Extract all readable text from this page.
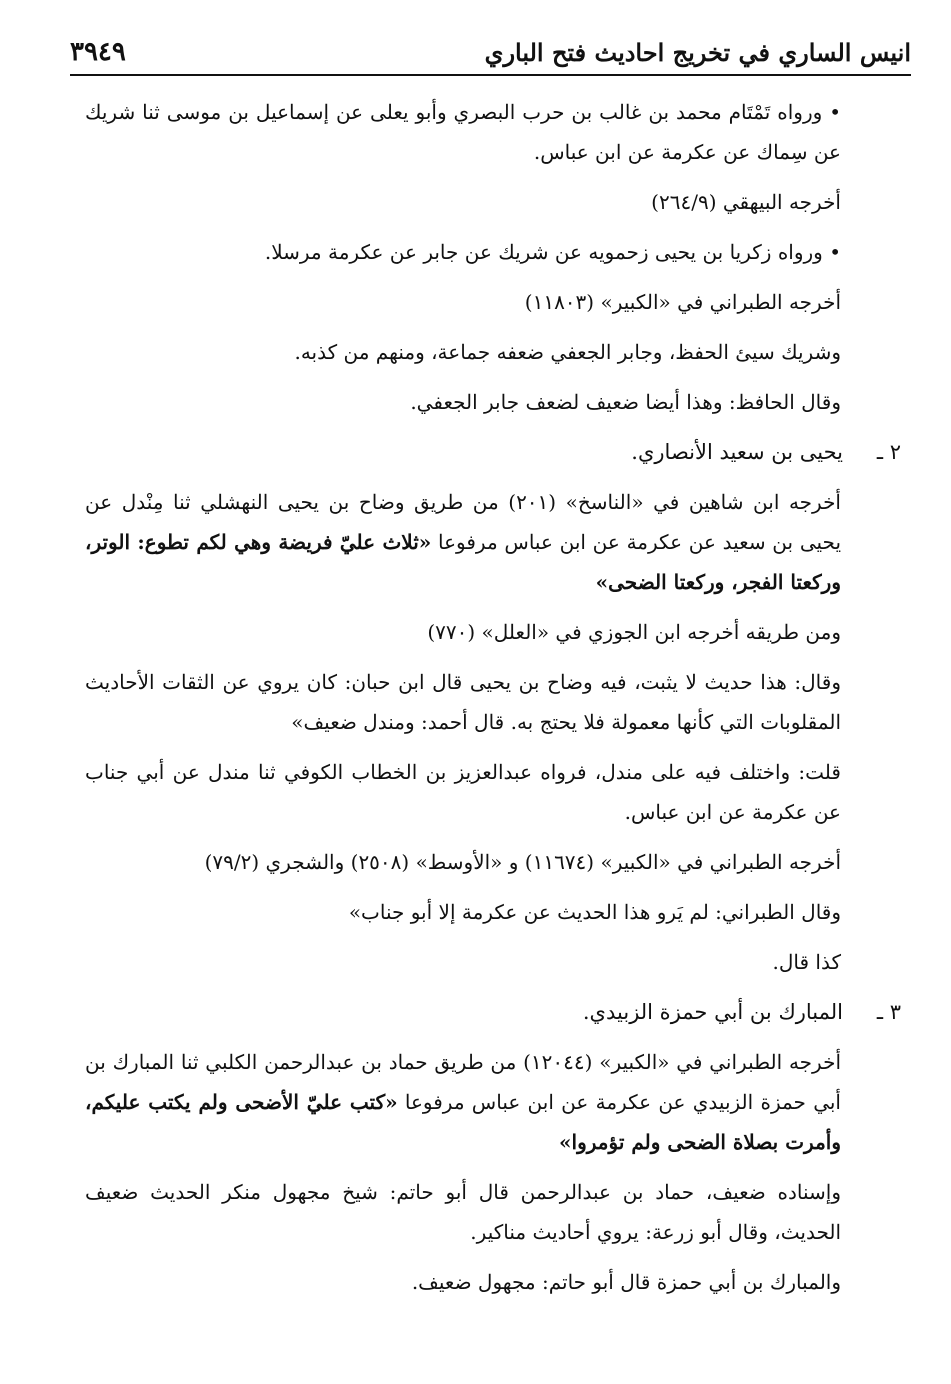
انيس الساري في تخريج احاديث فتح الباري
٣٩٤٩

• ورواه تَمْتَام محمد بن غالب بن حرب البصري وأبو يعلى عن إسماعيل بن موسى ثنا شريك عن سِماك عن عكرمة عن ابن عباس.

أخرجه البيهقي (٢٦٤/٩)

• ورواه زكريا بن يحيى زحمويه عن شريك عن جابر عن عكرمة مرسلا.

أخرجه الطبراني في «الكبير» (١١٨٠٣)

وشريك سيئ الحفظ، وجابر الجعفي ضعفه جماعة، ومنهم من كذبه.

وقال الحافظ: وهذا أيضا ضعيف لضعف جابر الجعفي.

٢ ـيحيى بن سعيد الأنصاري.

أخرجه ابن شاهين في «الناسخ» (٢٠١) من طريق وضاح بن يحيى النهشلي ثنا مِنْدل عن يحيى بن سعيد عن عكرمة عن ابن عباس مرفوعا «ثلاث عليّ فريضة وهي لكم تطوع: الوتر، وركعتا الفجر، وركعتا الضحى»

ومن طريقه أخرجه ابن الجوزي في «العلل» (٧٧٠)

وقال: هذا حديث لا يثبت، فيه وضاح بن يحيى قال ابن حبان: كان يروي عن الثقات الأحاديث المقلوبات التي كأنها معمولة فلا يحتج به. قال أحمد: ومندل ضعيف»

قلت: واختلف فيه على مندل، فرواه عبدالعزيز بن الخطاب الكوفي ثنا مندل عن أبي جناب عن عكرمة عن ابن عباس.

أخرجه الطبراني في «الكبير» (١١٦٧٤) و «الأوسط» (٢٥٠٨) والشجري (٧٩/٢)

وقال الطبراني: لم يَرو هذا الحديث عن عكرمة إلا أبو جناب»

كذا قال.

٣ ـالمبارك بن أبي حمزة الزبيدي.

أخرجه الطبراني في «الكبير» (١٢٠٤٤) من طريق حماد بن عبدالرحمن الكلبي ثنا المبارك بن أبي حمزة الزبيدي عن عكرمة عن ابن عباس مرفوعا «كتب عليّ الأضحى ولم يكتب عليكم، وأمرت بصلاة الضحى ولم تؤمروا»

وإسناده ضعيف، حماد بن عبدالرحمن قال أبو حاتم: شيخ مجهول منكر الحديث ضعيف الحديث، وقال أبو زرعة: يروي أحاديث مناكير.

والمبارك بن أبي حمزة قال أبو حاتم: مجهول ضعيف.
